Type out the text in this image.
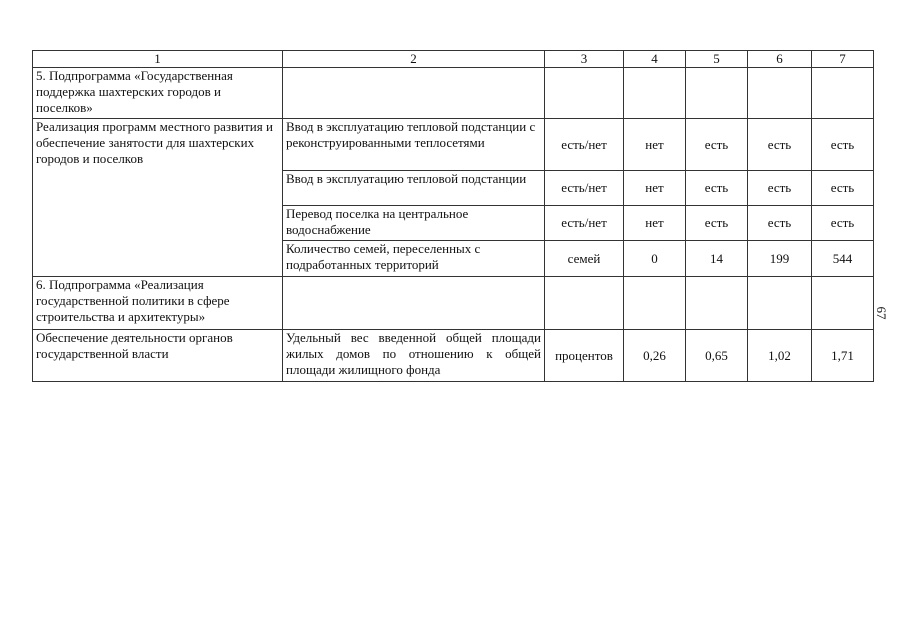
1	2	3	4	5	6	7
5. Подпрограмма «Государственная поддержка шахтерских городов и поселков»						
Реализация программ местного развития и обеспечение занятости для шахтерских городов и поселков	Ввод в эксплуатацию тепловой подстанции с реконструированными теплосетями	есть/нет	нет	есть	есть	есть
	Ввод в эксплуатацию тепловой подстанции	есть/нет	нет	есть	есть	есть
	Перевод поселка на центральное водоснабжение	есть/нет	нет	есть	есть	есть
	Количество семей, переселенных с подработанных территорий	семей	0	14	199	544
6. Подпрограмма «Реализация государственной политики в сфере строительства и архитектуры»						
Обеспечение деятельности органов государственной власти	Удельный вес введенной общей площади жилых домов по отношению к общей площади жилищного фонда	процентов	0,26	0,65	1,02	1,71
67
